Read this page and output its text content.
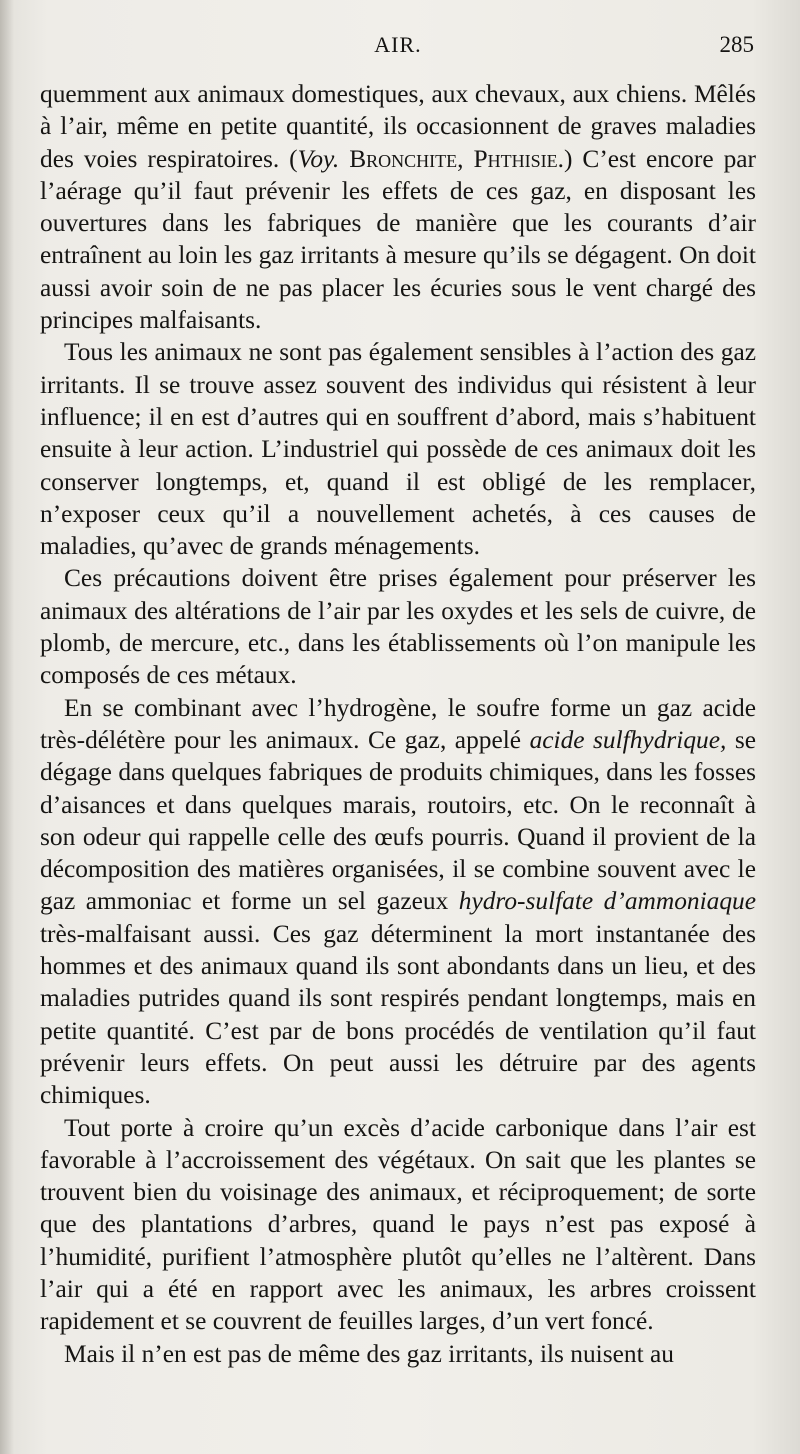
AIR.	285

quemment aux animaux domestiques, aux chevaux, aux chiens. Mêlés à l’air, même en petite quantité, ils occasionnent de graves maladies des voies respiratoires. (Voy. Bronchite, Phthisie.) C’est encore par l’aérage qu’il faut prévenir les effets de ces gaz, en disposant les ouvertures dans les fabriques de manière que les courants d’air entraînent au loin les gaz irritants à mesure qu’ils se dégagent. On doit aussi avoir soin de ne pas placer les écuries sous le vent chargé des principes malfaisants.

Tous les animaux ne sont pas également sensibles à l’action des gaz irritants. Il se trouve assez souvent des individus qui résistent à leur influence; il en est d’autres qui en souffrent d’abord, mais s’habituent ensuite à leur action. L’industriel qui possède de ces animaux doit les conserver longtemps, et, quand il est obligé de les remplacer, n’exposer ceux qu’il a nouvellement achetés, à ces causes de maladies, qu’avec de grands ménagements.

Ces précautions doivent être prises également pour préserver les animaux des altérations de l’air par les oxydes et les sels de cuivre, de plomb, de mercure, etc., dans les établissements où l’on manipule les composés de ces métaux.

En se combinant avec l’hydrogène, le soufre forme un gaz acide très-délétère pour les animaux. Ce gaz, appelé acide sulfhydrique, se dégage dans quelques fabriques de produits chimiques, dans les fosses d’aisances et dans quelques marais, routoirs, etc. On le reconnaît à son odeur qui rappelle celle des œufs pourris. Quand il provient de la décomposition des matières organisées, il se combine souvent avec le gaz ammoniac et forme un sel gazeux hydro-sulfate d’ammoniaque très-malfaisant aussi. Ces gaz déterminent la mort instantanée des hommes et des animaux quand ils sont abondants dans un lieu, et des maladies putrides quand ils sont respirés pendant longtemps, mais en petite quantité. C’est par de bons procédés de ventilation qu’il faut prévenir leurs effets. On peut aussi les détruire par des agents chimiques.

Tout porte à croire qu’un excès d’acide carbonique dans l’air est favorable à l’accroissement des végétaux. On sait que les plantes se trouvent bien du voisinage des animaux, et réciproquement; de sorte que des plantations d’arbres, quand le pays n’est pas exposé à l’humidité, purifient l’atmosphère plutôt qu’elles ne l’altèrent. Dans l’air qui a été en rapport avec les animaux, les arbres croissent rapidement et se couvrent de feuilles larges, d’un vert foncé.

Mais il n’en est pas de même des gaz irritants, ils nuisent au
